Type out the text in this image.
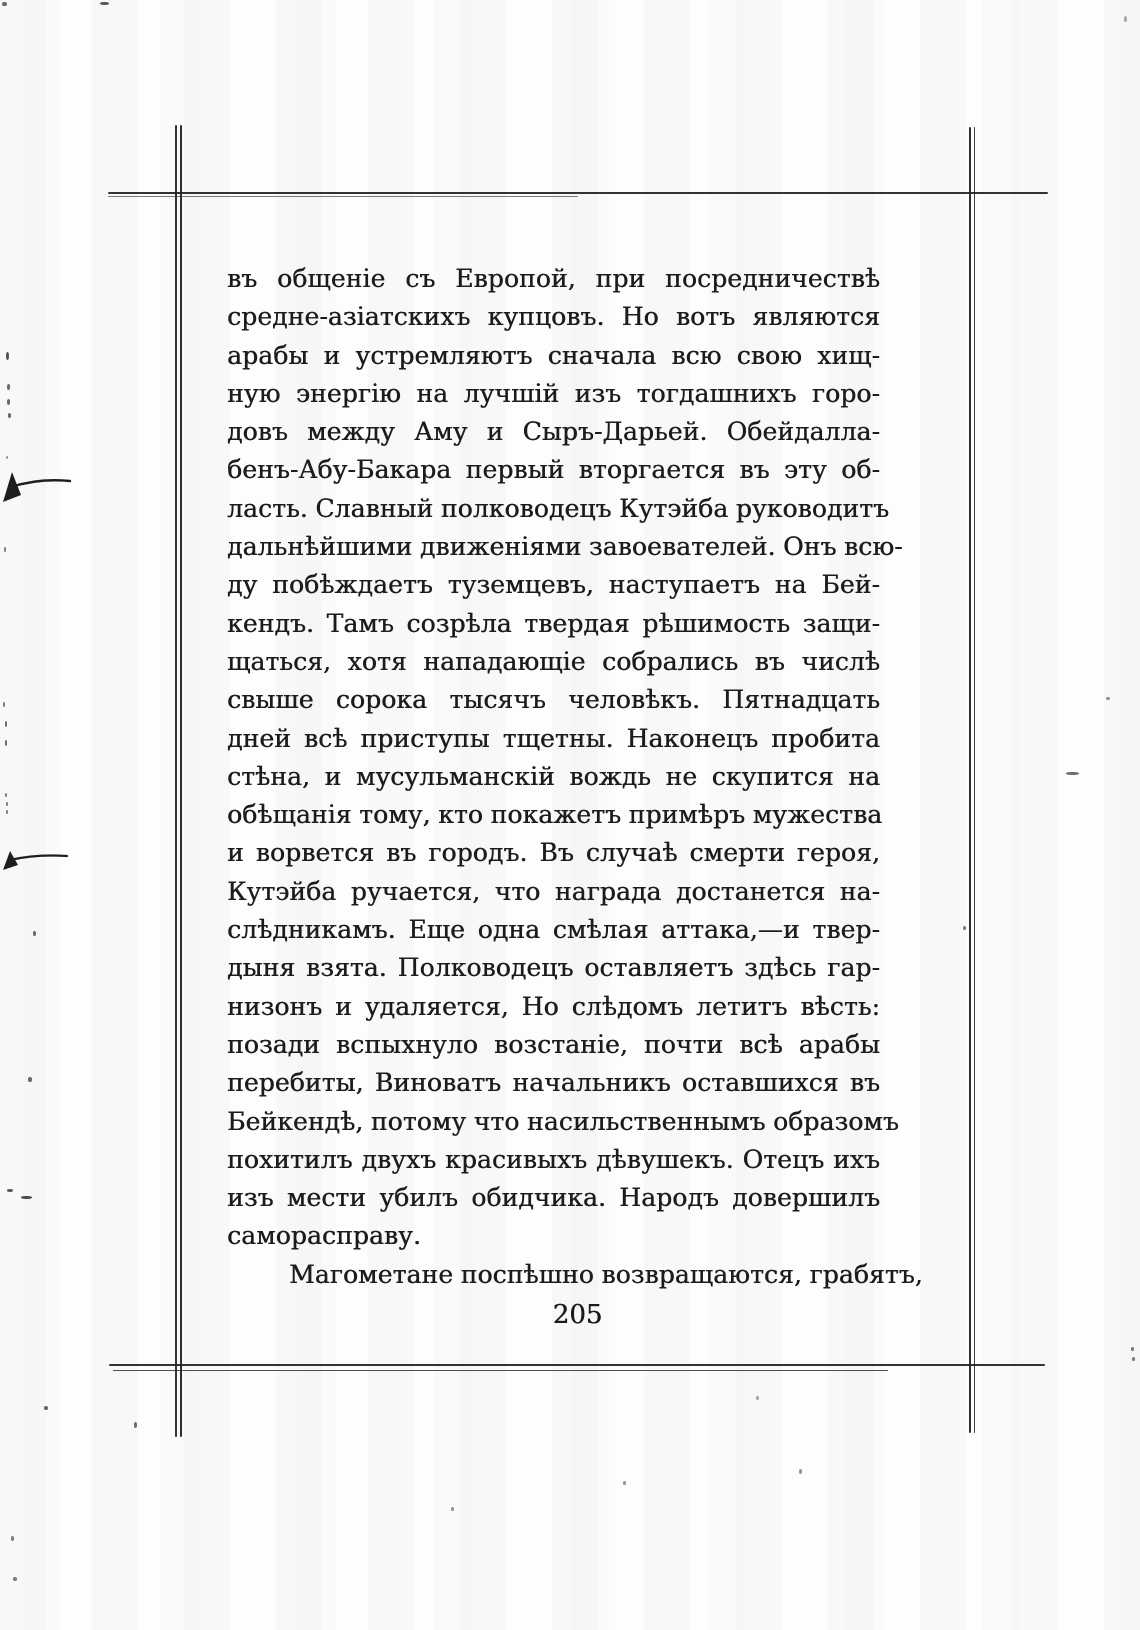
въ общеніе съ Европой, при посредничествѣ
средне-азіатскихъ купцовъ. Но вотъ являются
арабы и устремляютъ сначала всю свою хищ-
ную энергію на лучшій изъ тогдашнихъ горо-
довъ между Аму и Сыръ-Дарьей. Обейдалла-
бенъ-Абу-Бакара первый вторгается въ эту об-
ласть. Славный полководецъ Кутэйба руководитъ
дальнѣйшими движеніями завоевателей. Онъ всю-
ду побѣждаетъ туземцевъ, наступаетъ на Бей-
кендъ. Тамъ созрѣла твердая рѣшимость защи-
щаться, хотя нападающіе собрались въ числѣ
свыше сорока тысячъ человѣкъ. Пятнадцать
дней всѣ приступы тщетны. Наконецъ пробита
стѣна, и мусульманскій вождь не скупится на
обѣщанія тому, кто покажетъ примѣръ мужества
и ворвется въ городъ. Въ случаѣ смерти героя,
Кутэйба ручается, что награда достанется на-
слѣдникамъ. Еще одна смѣлая аттака,—и твер-
дыня взята. Полководецъ оставляетъ здѣсь гар-
низонъ и удаляется, Но слѣдомъ летитъ вѣсть:
позади вспыхнуло возстаніе, почти всѣ арабы
перебиты, Виноватъ начальникъ оставшихся въ
Бейкендѣ, потому что насильственнымъ образомъ
похитилъ двухъ красивыхъ дѣвушекъ. Отецъ ихъ
изъ мести убилъ обидчика. Народъ довершилъ
саморасправу.
Магометане поспѣшно возвращаются, грабятъ,
205
